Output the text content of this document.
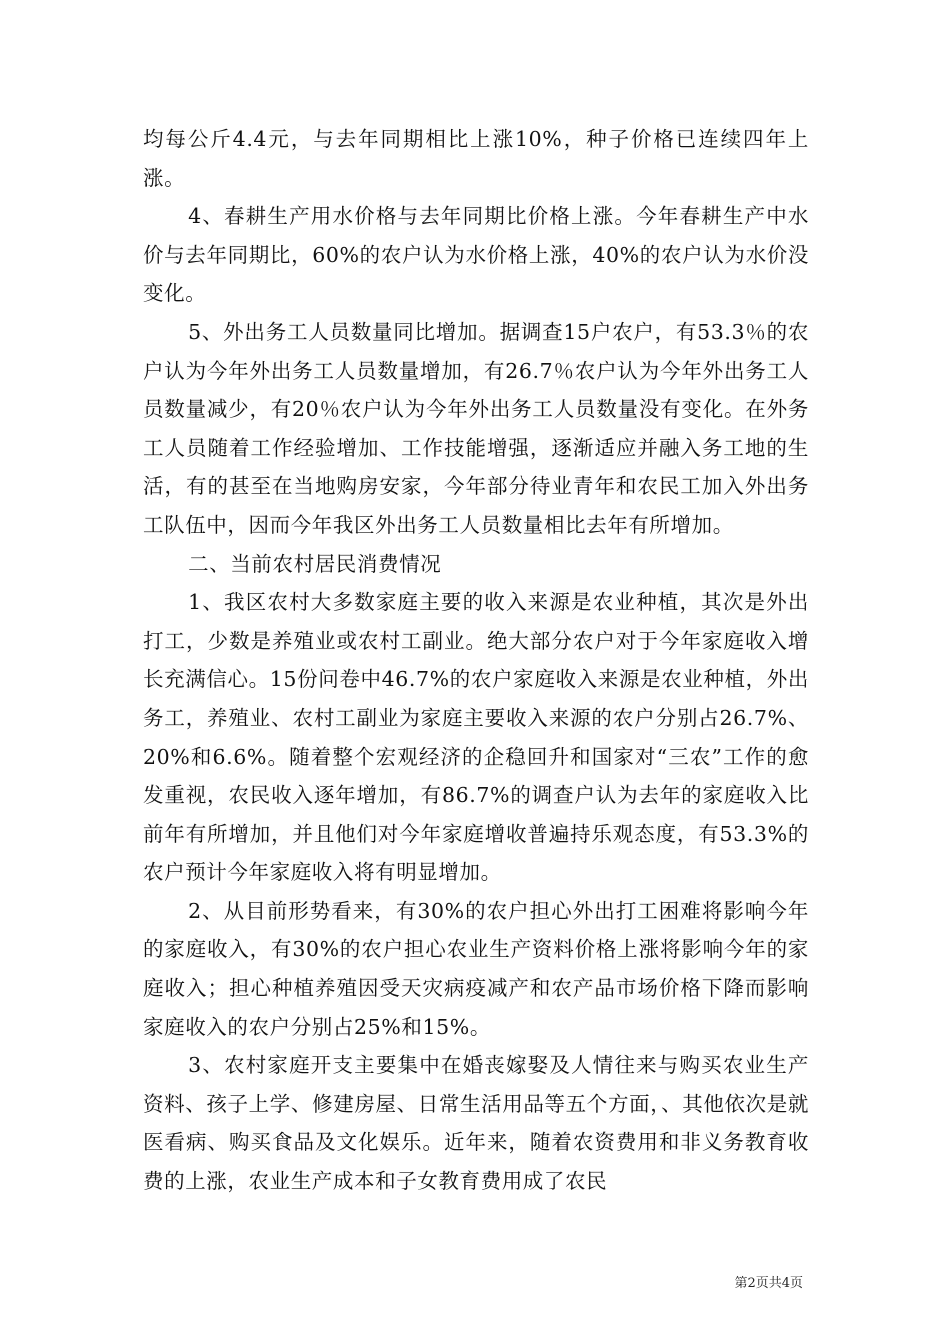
均每公斤4.4元，与去年同期相比上涨10%，种子价格已连续四年上涨。

4、春耕生产用水价格与去年同期比价格上涨。今年春耕生产中水价与去年同期比，60%的农户认为水价格上涨，40%的农户认为水价没变化。

5、外出务工人员数量同比增加。据调查15户农户，有53.3％的农户认为今年外出务工人员数量增加，有26.7％农户认为今年外出务工人员数量减少，有20％农户认为今年外出务工人员数量没有变化。在外务工人员随着工作经验增加、工作技能增强，逐渐适应并融入务工地的生活，有的甚至在当地购房安家，今年部分待业青年和农民工加入外出务工队伍中，因而今年我区外出务工人员数量相比去年有所增加。

二、当前农村居民消费情况

1、我区农村大多数家庭主要的收入来源是农业种植，其次是外出打工，少数是养殖业或农村工副业。绝大部分农户对于今年家庭收入增长充满信心。15份问卷中46.7%的农户家庭收入来源是农业种植，外出务工，养殖业、农村工副业为家庭主要收入来源的农户分别占26.7%、20%和6.6%。随着整个宏观经济的企稳回升和国家对“三农”工作的愈发重视，农民收入逐年增加，有86.7%的调查户认为去年的家庭收入比前年有所增加，并且他们对今年家庭增收普遍持乐观态度，有53.3%的农户预计今年家庭收入将有明显增加。

2、从目前形势看来，有30%的农户担心外出打工困难将影响今年的家庭收入，有30%的农户担心农业生产资料价格上涨将影响今年的家庭收入；担心种植养殖因受天灾病疫减产和农产品市场价格下降而影响家庭收入的农户分别占25%和15%。

3、农村家庭开支主要集中在婚丧嫁娶及人情往来与购买农业生产资料、孩子上学、修建房屋、日常生活用品等五个方面，、其他依次是就医看病、购买食品及文化娱乐。近年来，随着农资费用和非义务教育收费的上涨，农业生产成本和子女教育费用成了农民

第2页共4页
